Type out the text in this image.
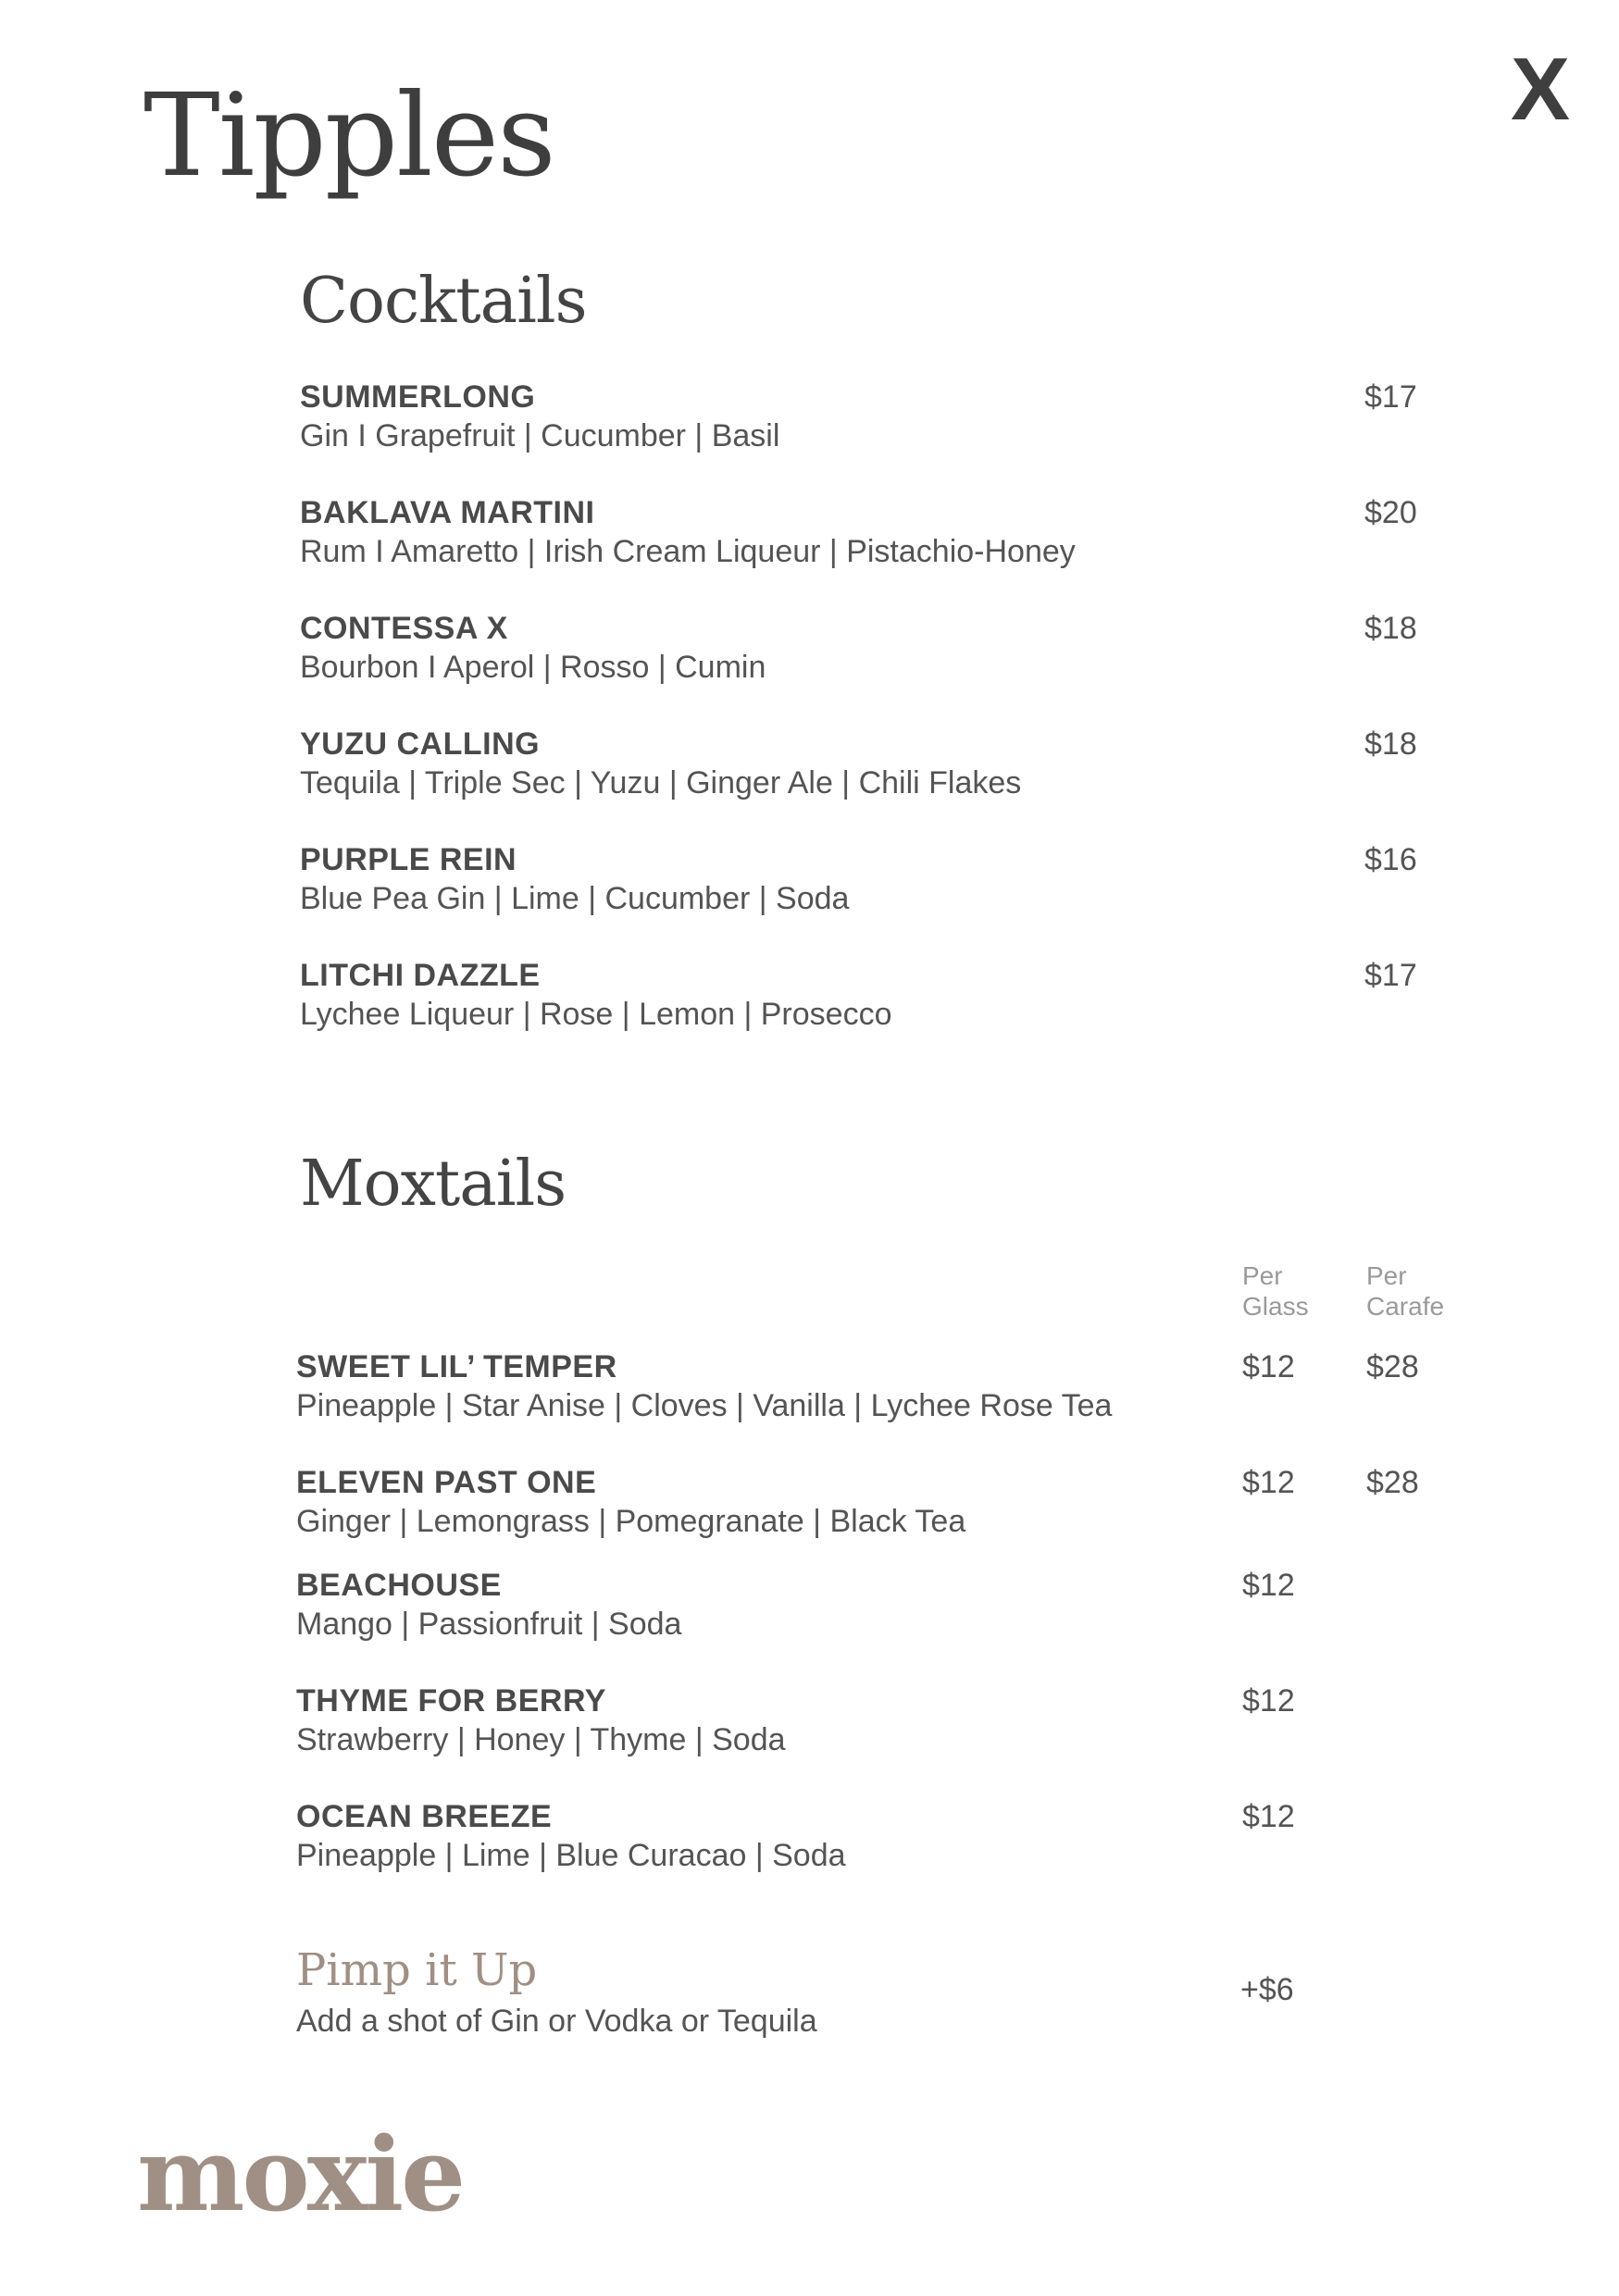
Tipples	X
Cocktails
SUMMERLONG
Gin I Grapefruit | Cucumber | Basil
$17
BAKLAVA MARTINI
Rum I Amaretto | Irish Cream Liqueur | Pistachio-Honey
$20
CONTESSA X
Bourbon I Aperol | Rosso | Cumin
$18
YUZU CALLING
Tequila | Triple Sec | Yuzu | Ginger Ale | Chili Flakes
$18
PURPLE REIN
Blue Pea Gin | Lime | Cucumber | Soda
$16
LITCHI DAZZLE
Lychee Liqueur | Rose | Lemon | Prosecco
$17
Moxtails
Per
Glass
Per
Carafe
SWEET LIL’ TEMPER
Pineapple | Star Anise | Cloves | Vanilla | Lychee Rose Tea
$12 $28
ELEVEN PAST ONE
Ginger | Lemongrass | Pomegranate | Black Tea
$12 $28
BEACHOUSE
Mango | Passionfruit | Soda
$12
THYME FOR BERRY
Strawberry | Honey | Thyme | Soda
$12
OCEAN BREEZE
Pineapple | Lime | Blue Curacao | Soda
$12
Pimp it Up
Add a shot of Gin or Vodka or Tequila
+$6
moxie
